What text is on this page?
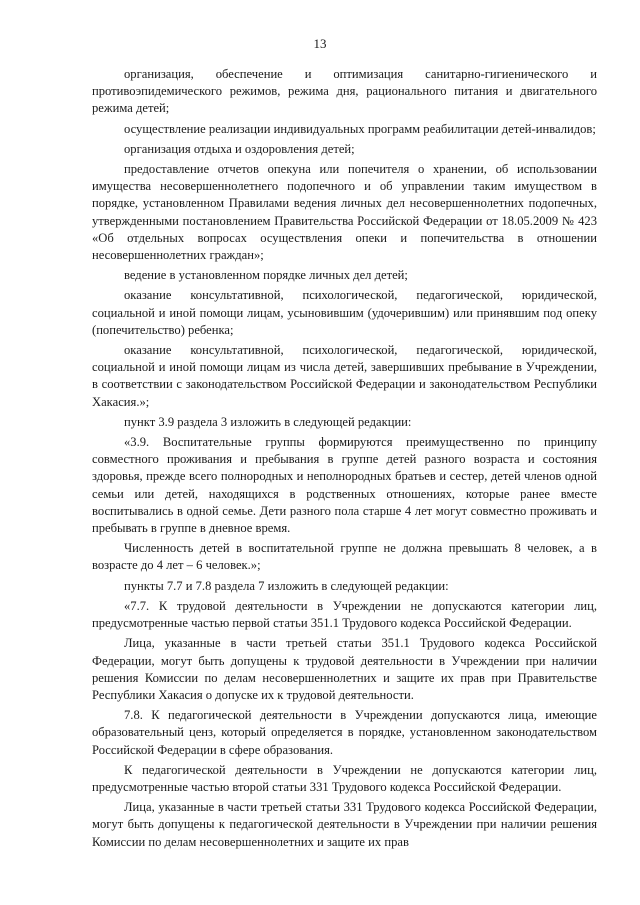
13

организация, обеспечение и оптимизация санитарно-гигиенического и противоэпидемического режимов, режима дня, рационального питания и двигательного режима детей;

осуществление реализации индивидуальных программ реабилитации детей-инвалидов;

организация отдыха и оздоровления детей;

предоставление отчетов опекуна или попечителя о хранении, об использовании имущества несовершеннолетнего подопечного и об управлении таким имуществом в порядке, установленном Правилами ведения личных дел несовершеннолетних подопечных, утвержденными постановлением Правительства Российской Федерации от 18.05.2009 № 423 «Об отдельных вопросах осуществления опеки и попечительства в отношении несовершеннолетних граждан»;

ведение в установленном порядке личных дел детей;

оказание консультативной, психологической, педагогической, юридической, социальной и иной помощи лицам, усыновившим (удочерившим) или принявшим под опеку (попечительство) ребенка;

оказание консультативной, психологической, педагогической, юридической, социальной и иной помощи лицам из числа детей, завершивших пребывание в Учреждении, в соответствии с законодательством Российской Федерации и законодательством Республики Хакасия.»;

пункт 3.9 раздела 3 изложить в следующей редакции:

«3.9. Воспитательные группы формируются преимущественно по принципу совместного проживания и пребывания в группе детей разного возраста и состояния здоровья, прежде всего полнородных и неполнородных братьев и сестер, детей членов одной семьи или детей, находящихся в родственных отношениях, которые ранее вместе воспитывались в одной семье. Дети разного пола старше 4 лет могут совместно проживать и пребывать в группе в дневное время.

Численность детей в воспитательной группе не должна превышать 8 человек, а в возрасте до 4 лет – 6 человек.»;

пункты 7.7 и 7.8 раздела 7 изложить в следующей редакции:

«7.7. К трудовой деятельности в Учреждении не допускаются категории лиц, предусмотренные частью первой статьи 351.1 Трудового кодекса Российской Федерации.

Лица, указанные в части третьей статьи 351.1 Трудового кодекса Российской Федерации, могут быть допущены к трудовой деятельности в Учреждении при наличии решения Комиссии по делам несовершеннолетних и защите их прав при Правительстве Республики Хакасия о допуске их к трудовой деятельности.

7.8. К педагогической деятельности в Учреждении допускаются лица, имеющие образовательный ценз, который определяется в порядке, установленном законодательством Российской Федерации в сфере образования.

К педагогической деятельности в Учреждении не допускаются категории лиц, предусмотренные частью второй статьи 331 Трудового кодекса Российской Федерации.

Лица, указанные в части третьей статьи 331 Трудового кодекса Российской Федерации, могут быть допущены к педагогической деятельности в Учреждении при наличии решения Комиссии по делам несовершеннолетних и защите их прав
